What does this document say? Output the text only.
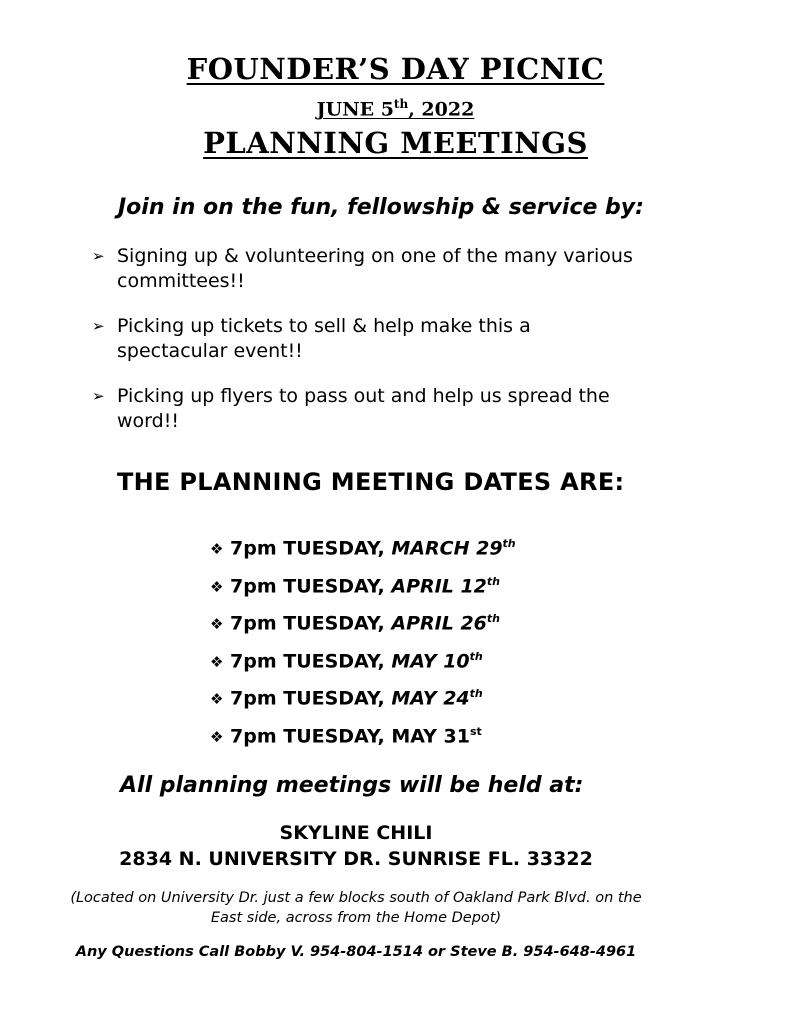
FOUNDER’S DAY PICNIC

JUNE 5th, 2022

PLANNING MEETINGS

Join in on the fun, fellowship & service by:

➢ Signing up & volunteering on one of the many various
committees!!
➢ Picking up tickets to sell & help make this a
spectacular event!!
➢ Picking up flyers to pass out and help us spread the
word!!

THE PLANNING MEETING DATES ARE:

❖ 7pm TUESDAY, MARCH 29th
❖ 7pm TUESDAY, APRIL 12th
❖ 7pm TUESDAY, APRIL 26th
❖ 7pm TUESDAY, MAY 10th
❖ 7pm TUESDAY, MAY 24th
❖ 7pm TUESDAY, MAY 31st

All planning meetings will be held at:

SKYLINE CHILI

2834 N. UNIVERSITY DR. SUNRISE FL. 33322

(Located on University Dr. just a few blocks south of Oakland Park Blvd. on the
East side, across from the Home Depot)

Any Questions Call Bobby V. 954-804-1514 or Steve B. 954-648-4961
